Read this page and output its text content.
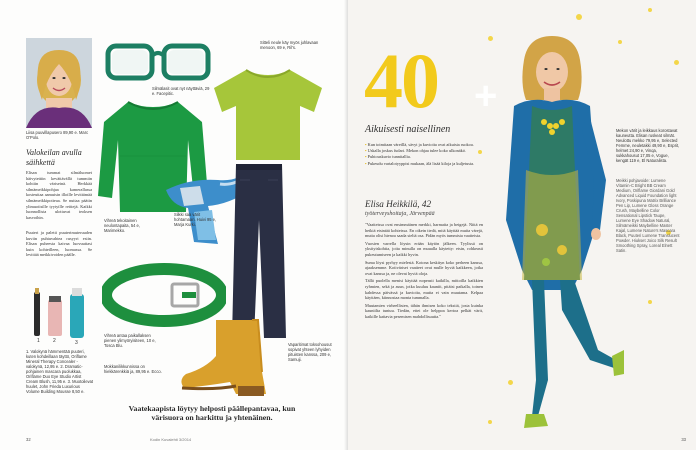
Liisa puuvillapusero 89,90 e. Marc O'Polo.
Valokeilan avulla säihkettä
Elisan tummat silmäluomet häivytettiin kevättävällä tummiin kohtiin väriseinä. Herkkää silmämeikkipohjaa kamerallassa kosteuttaa aamuisin illoille levittämää silmämeikkipotteaa. Se nuttaa päätin ylimuotisille tyytyille reittejä. Kaikki luonnollista ulottuvat teoksen kasvoihin.
Puuteri ja paletti puuterimuteruuden kuviin puhtuvahtea rusyyri esiin. Elisan puheesta kaivaa luovuuttasi kuin kohteilleen, luomassa. Se levittää meikkivoiden päälle.
1	2	3
1. Valokynä hämmentää puuteri, kuten kohdeillaan täyttö, Oriflame Mineral Therapy Concealer -valokynä, 12,95 e. 2. Dramatic-pohjainen mascara puolukkaa, Oriflame Duo Eye Studio Artist Cream Blush, 11,95 e. 3. Muotoilevat huulet, John Frieda Luxurious Volume Building Mousse 8,50 e.
Silmälasit ovat nyt näyttäviä, 29 e. Facepitic.
Vihreä tekoitainen neulontapaita, 54 e, Marimekko.
Sitteli neule käy myös juhlavaan menoon, 69 e, Ril's.
Silkki saa värit hohtamaan. Huivi 95 e, Marja Kurki.
Vaparitimat toksohousut sopivat yhteen lyhyiden pituisten kanssa, 209 e, Samuji.
Vihreä antaa paikallaksen pienen ylimyöryisiteen, 10 e, Tosca Blu.
Mokkanilikkunnissa on hiekkärenkkiä ja, 89,95 e. Ecco.
Vaatekaapista löytyy helposti päällepantavaa, kun värisuora on harkittu ja yhtenäinen.
32	Kodin Kuvalehti 3/2014
40 +
Aikuisesti naisellinen

• Kun toimitaan väreillä, sävyt ja kuvioita ovat aikuista ruokoa.

• Uskalla joskus fudari. Mekon ohjaa tulee koko ulkonäkö.

• Puhtouskuvio tunnitallia.

• Pukeudu vartalotyyppisi mukaan, älä lisää kiloja ja kuljetusta.

Elisa Heikkilä, 42
työterveyshoitaja, Järvenpää

"Vaatteissa ovat ensimmäinen merkki, harmaita ja beigejä. Niitä en hetkiä etsintää kohteissa. En oikein tiedä, mitä käyttää muita värejä, mutta olisi hienoa saada sieltä osa. Pidän myös tummista vaatteista.

Vuosien varrella löysin erään käytön jälkeen. Tyylissä on yksityiskohtia, joita minulla on muualla käytetty: etsin, rohkeasti pukeutumiseen ja kaikki hyvin.

Suma löysi pyrhyy mielestä. Kotona keskityn koko perheen kanssa, ajaaksemme. Kotiväriset vaatteet ovat mulle hyviä kaikkeen, jotka ovat kanssa ja, ne olevat hyviä oloja.

Tällä puolella menisi käyttää nopeasti kaikilla, mittoilla kaikkien ryhmien, sekä ja asun, jotka kuuluu kauniit, pitäisi paikalla, toinen kahdessa päivässä ja kuvioita, mutta ei vain muutama. Kelpaa käyttäen, kiinnostaa monta tummalla.

Muutamien virheellisten, tähän ihmisen koko tekstiä, josta kuinka kauniilta tuntuu. Tiedän, ettei ole helppoa kertoa pelkät värit, kaikille kattavia pesemisen mahdollisuutta."

Mekon värit ja leikkaus korostavat kauneutta. Elisan ruskeat silmät. Neulottu mekko 79,95 e, Selected Femme, neuletakki 49,90 e, Esprit, helmet 24,90 e, Vinqa, sukkahousut 17,05 e, Vogue, kengät 119 e, El Naturalista.
Meikki pohjavoide: Lumene Vitamin-C Bright BB Cream Medium, Oriflame Giordani Gold Advanced Liquid Foundation light Ivory, Poskipuna Matrix Brilliance Pen Lip, Lumene Gloss Orange Crush, Maybelline Color Sensational Lipstick Taupe, Lumene Eye Shadow Natural, Silmämeikki Maybelline Master Kajal, Lumene Nature's Mascara Black, Puuteri Lumene Translucent Powder. Hiukset Joico Silk Result Smoothing Spray, Loreal Elnett Satin.
33
